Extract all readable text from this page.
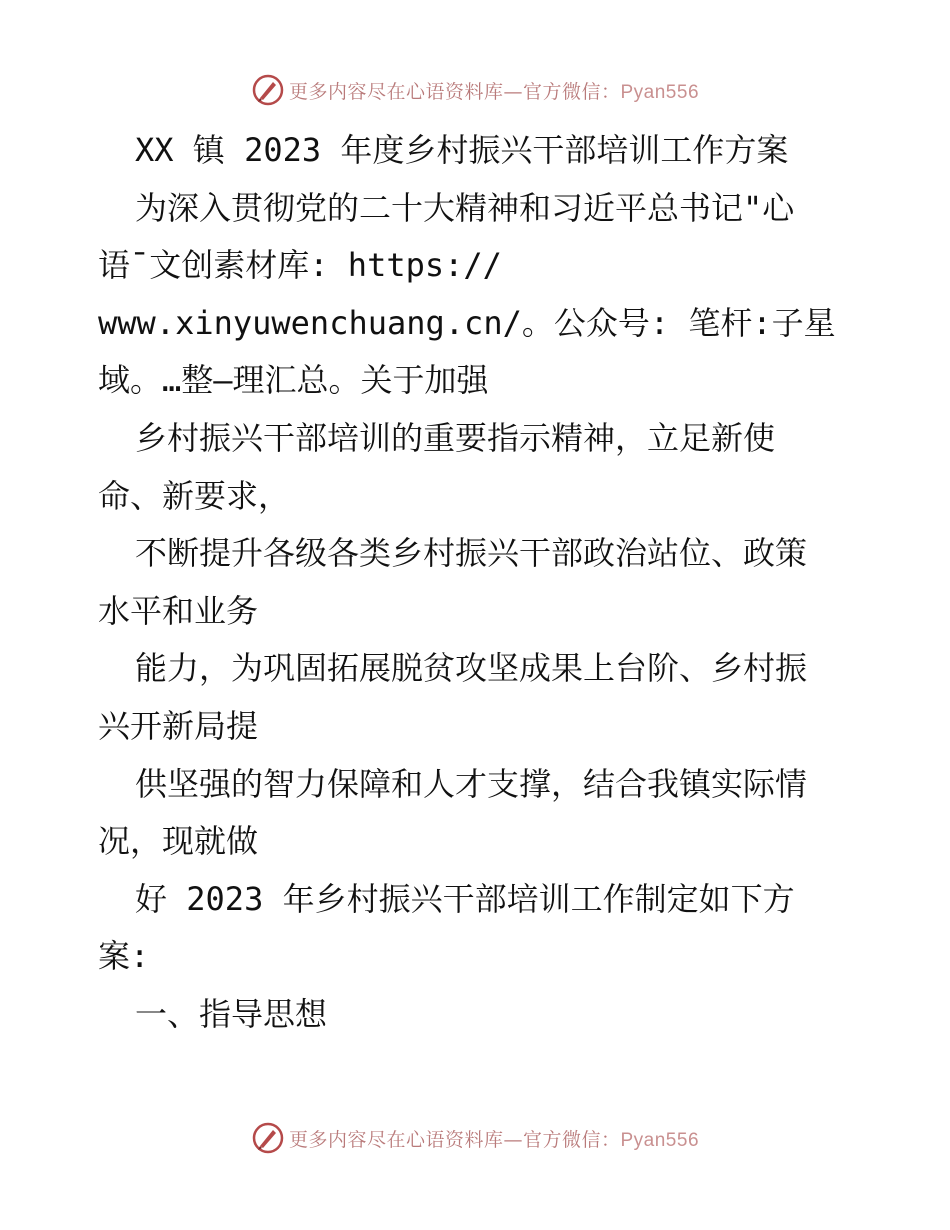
更多内容尽在心语资料库—官方微信：Pyan556
XX 镇 2023 年度乡村振兴干部培训工作方案
为深入贯彻党的二十大精神和习近平总书记"心
语¯文创素材库: https://
www.xinyuwenchuang.cn/。公众号: 笔杆:子星
域。…整—理汇总。关于加强
乡村振兴干部培训的重要指示精神，立足新使
命、新要求，
不断提升各级各类乡村振兴干部政治站位、政策
水平和业务
能力，为巩固拓展脱贫攻坚成果上台阶、乡村振
兴开新局提
供坚强的智力保障和人才支撑，结合我镇实际情
况，现就做
好 2023 年乡村振兴干部培训工作制定如下方
案:
一、指导思想
更多内容尽在心语资料库—官方微信：Pyan556
